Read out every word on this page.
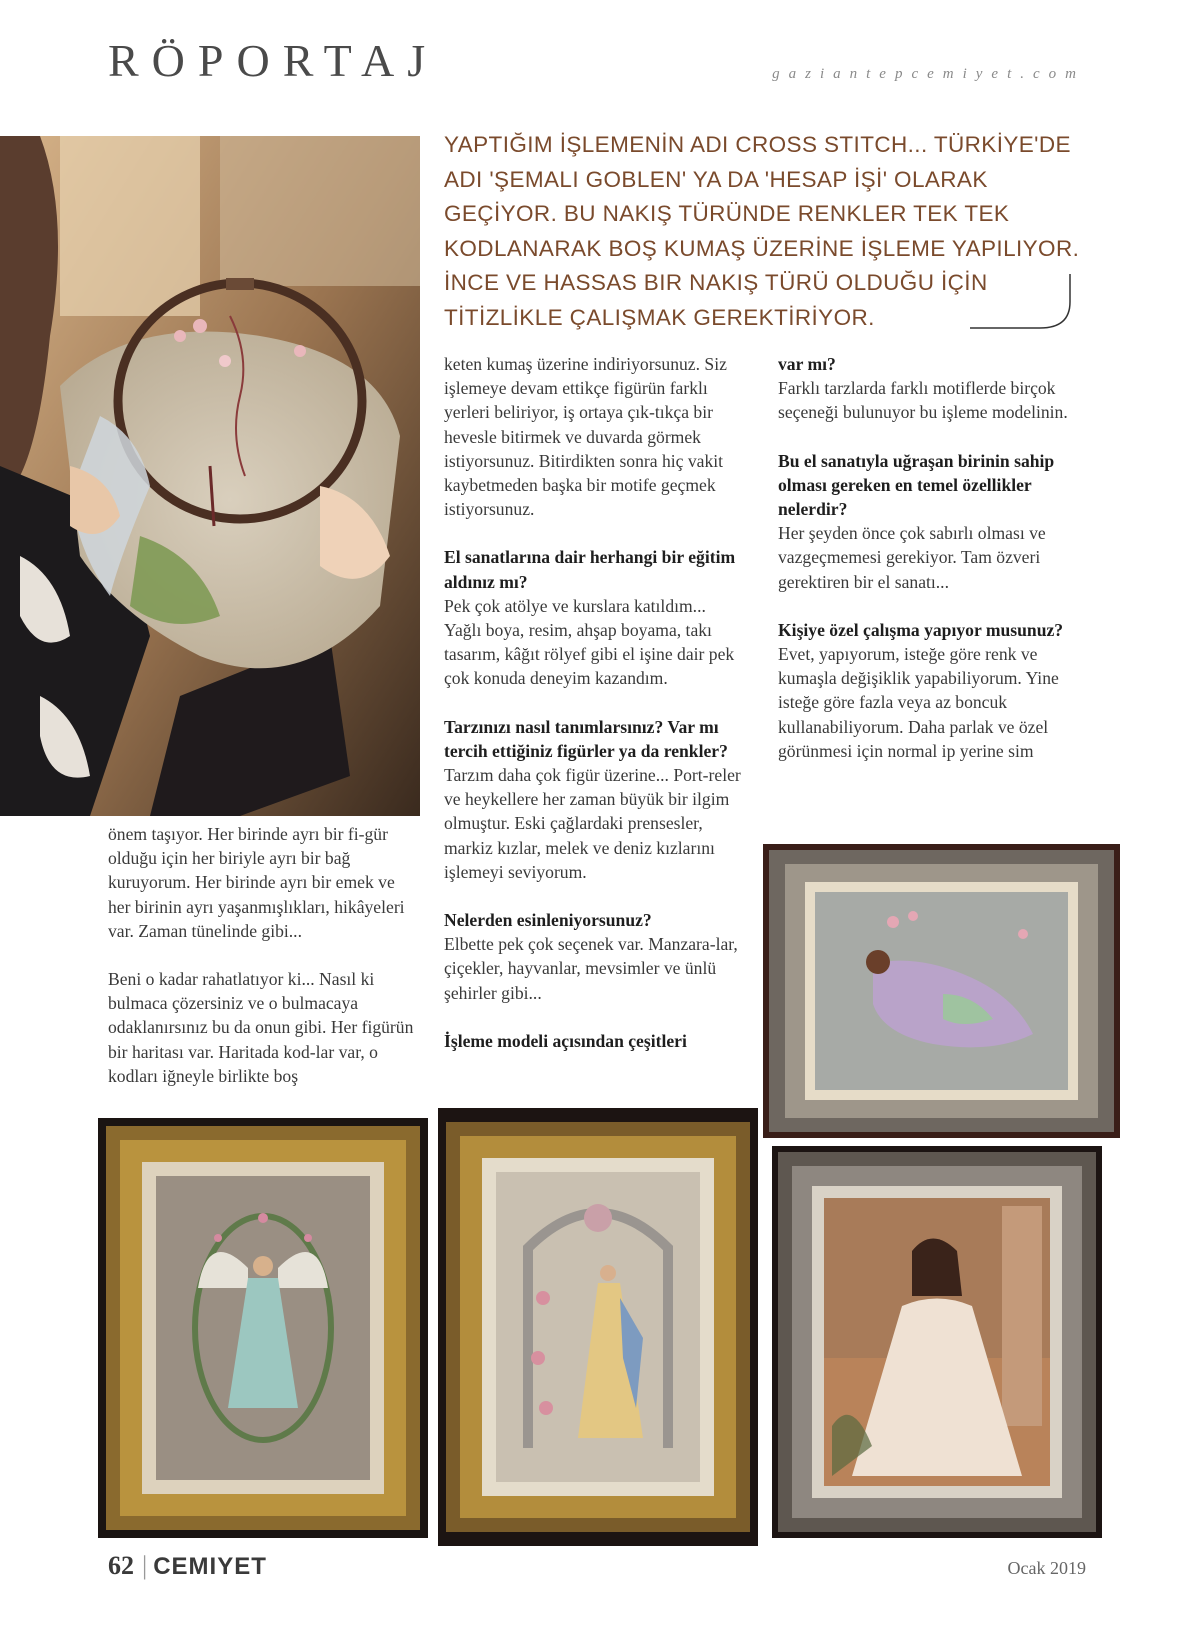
RÖPORTAJ	gaziantepcemiyet.com
YAPTIĞIM İŞLEMENİN ADI CROSS STITCH... TÜRKİYE'DE
ADI 'ŞEMALI GOBLEN' YA DA 'HESAP İŞİ' OLARAK
GEÇİYOR. BU NAKIŞ TÜRÜNDE RENKLER TEK TEK
KODLANARAK BOŞ KUMAŞ ÜZERİNE İŞLEME YAPILIYOR.
İNCE VE HASSAS BIR NAKIŞ TÜRÜ OLDUĞU İÇİN
TİTİZLİKLE ÇALIŞMAK GEREKTİRİYOR.

keten kumaş üzerine indiriyorsunuz. Siz işlemeye devam ettikçe figürün farklı yerleri beliriyor, iş ortaya çık-tıkça bir hevesle bitirmek ve duvarda görmek istiyorsunuz. Bitirdikten sonra hiç vakit kaybetmeden başka bir motife geçmek istiyorsunuz.

El sanatlarına dair herhangi bir eğitim aldınız mı?
Pek çok atölye ve kurslara katıldım... Yağlı boya, resim, ahşap boyama, takı tasarım, kâğıt rölyef gibi el işine dair pek çok konuda deneyim kazandım.

Tarzınızı nasıl tanımlarsınız? Var mı tercih ettiğiniz figürler ya da renkler?
Tarzım daha çok figür üzerine... Port-reler ve heykellere her zaman büyük bir ilgim olmuştur. Eski çağlardaki prensesler, markiz kızlar, melek ve deniz kızlarını işlemeyi seviyorum.

Nelerden esinleniyorsunuz?
Elbette pek çok seçenek var. Manzara-lar, çiçekler, hayvanlar, mevsimler ve ünlü şehirler gibi...

İşleme modeli açısından çeşitleri

var mı?
Farklı tarzlarda farklı motiflerde birçok seçeneği bulunuyor bu işleme modelinin.

Bu el sanatıyla uğraşan birinin sahip olması gereken en temel özellikler nelerdir?
Her şeyden önce çok sabırlı olması ve vazgeçmemesi gerekiyor. Tam özveri gerektiren bir el sanatı...

Kişiye özel çalışma yapıyor musunuz?
Evet, yapıyorum, isteğe göre renk ve kumaşla değişiklik yapabiliyorum. Yine isteğe göre fazla veya az boncuk kullanabiliyorum. Daha parlak ve özel görünmesi için normal ip yerine sim

önem taşıyor. Her birinde ayrı bir fi-gür olduğu için her biriyle ayrı bir bağ kuruyorum. Her birinde ayrı bir emek ve her birinin ayrı yaşanmışlıkları, hikâyeleri var. Zaman tünelinde gibi...

Beni o kadar rahatlatıyor ki... Nasıl ki bulmaca çözersiniz ve o bulmacaya odaklanırsınız bu da onun gibi. Her figürün bir haritası var. Haritada kod-lar var, o kodları iğneyle birlikte boş

62 | CEMIYET	Ocak 2019
